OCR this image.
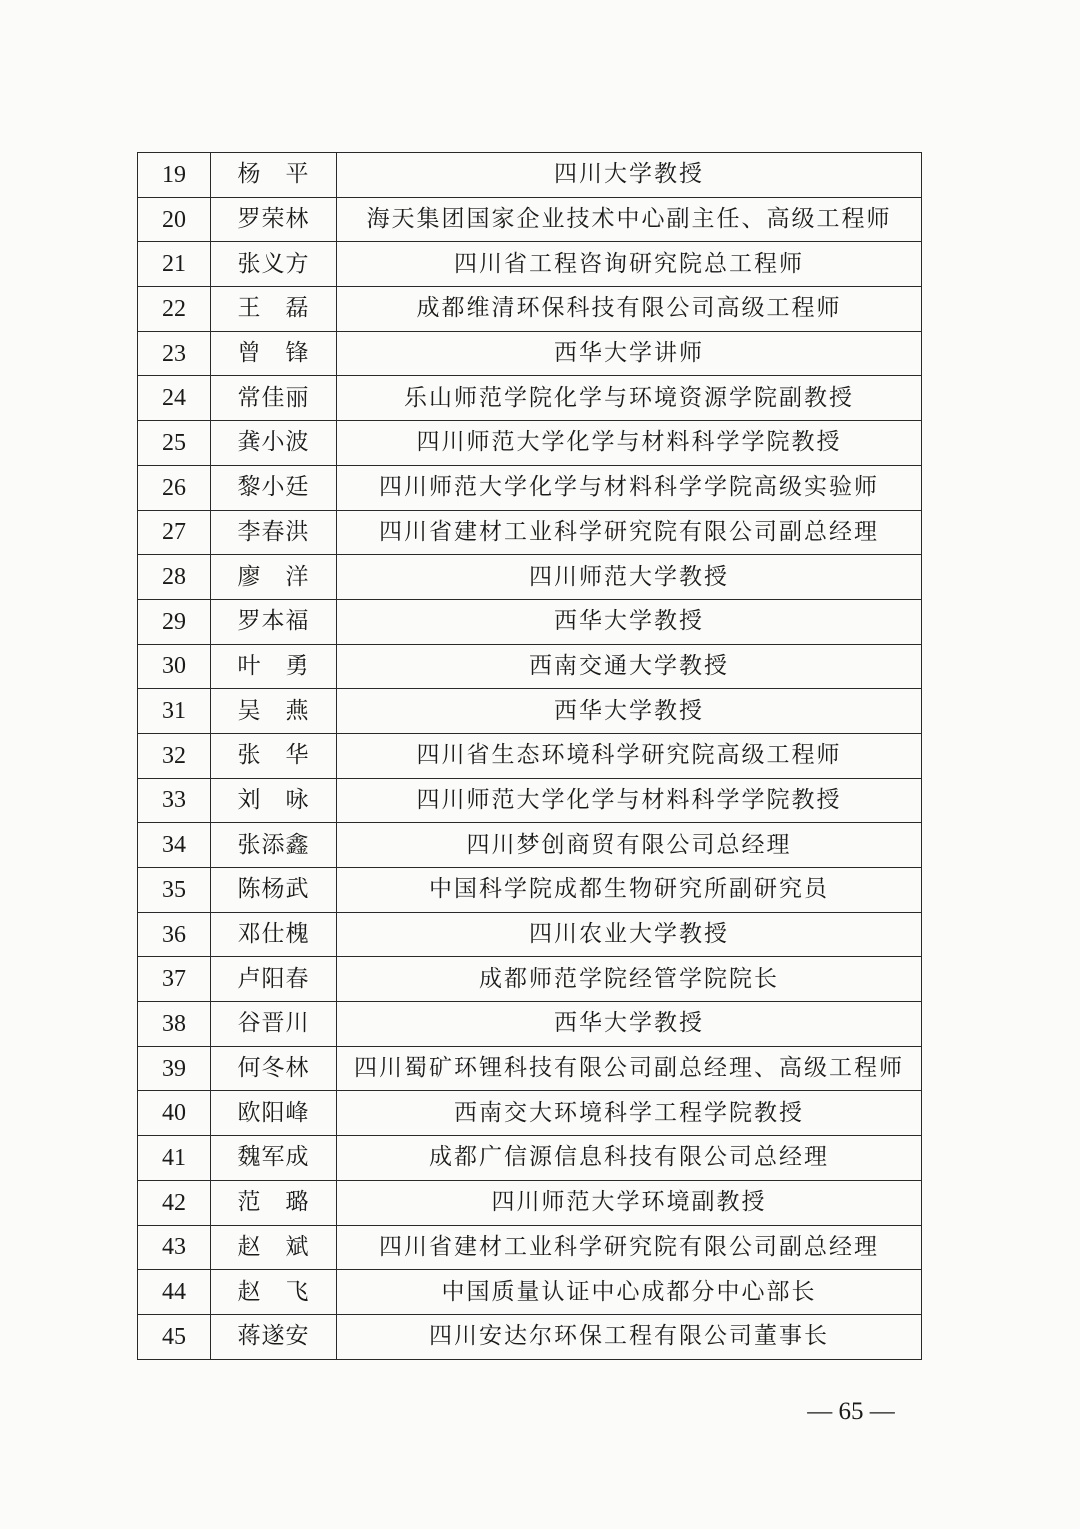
19	杨　平	四川大学教授
20	罗荣林	海天集团国家企业技术中心副主任、高级工程师
21	张义方	四川省工程咨询研究院总工程师
22	王　磊	成都维清环保科技有限公司高级工程师
23	曾　锋	西华大学讲师
24	常佳丽	乐山师范学院化学与环境资源学院副教授
25	龚小波	四川师范大学化学与材料科学学院教授
26	黎小廷	四川师范大学化学与材料科学学院高级实验师
27	李春洪	四川省建材工业科学研究院有限公司副总经理
28	廖　洋	四川师范大学教授
29	罗本福	西华大学教授
30	叶　勇	西南交通大学教授
31	吴　燕	西华大学教授
32	张　华	四川省生态环境科学研究院高级工程师
33	刘　咏	四川师范大学化学与材料科学学院教授
34	张添鑫	四川梦创商贸有限公司总经理
35	陈杨武	中国科学院成都生物研究所副研究员
36	邓仕槐	四川农业大学教授
37	卢阳春	成都师范学院经管学院院长
38	谷晋川	西华大学教授
39	何冬林	四川蜀矿环锂科技有限公司副总经理、高级工程师
40	欧阳峰	西南交大环境科学工程学院教授
41	魏军成	成都广信源信息科技有限公司总经理
42	范　璐	四川师范大学环境副教授
43	赵　斌	四川省建材工业科学研究院有限公司副总经理
44	赵　飞	中国质量认证中心成都分中心部长
45	蒋遂安	四川安达尔环保工程有限公司董事长
— 65 —
